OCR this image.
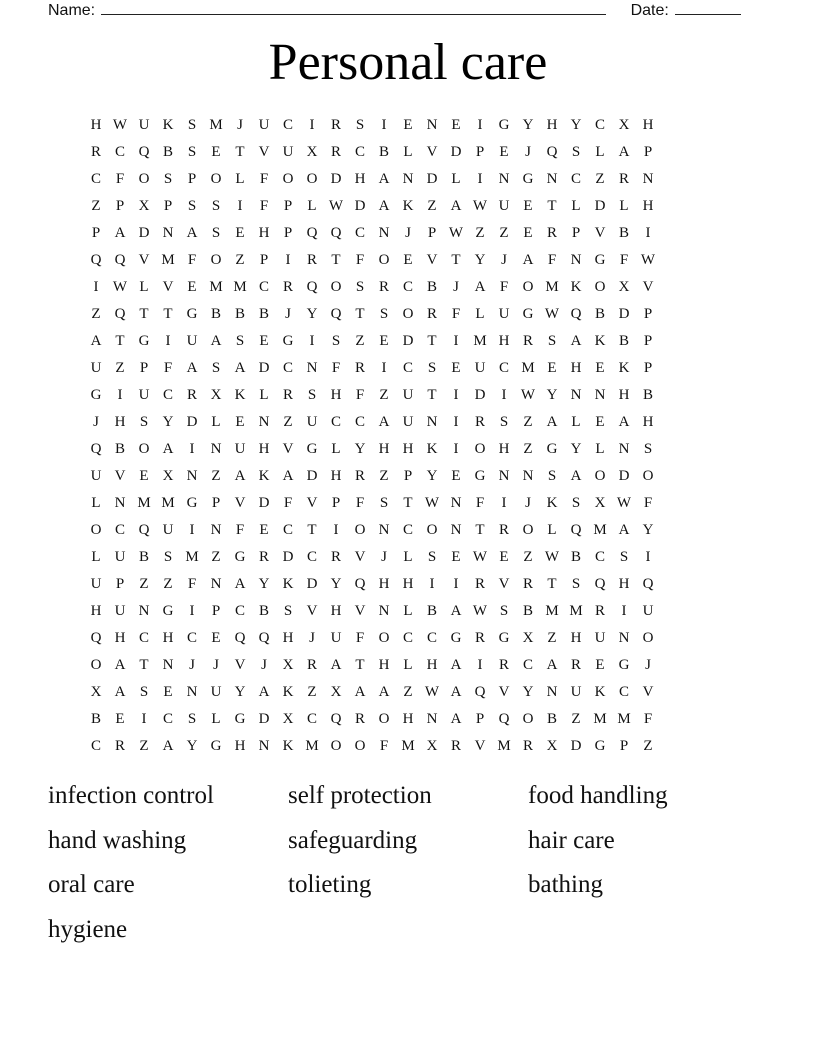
Name:	Date:
Personal care
H W U K S M J	U C	I	R S	I	E N E	I	G Y H Y C X H
R C Q B S	E T V U X R C B L V D P	E	J	Q S	L A P
C F O S	P O L	F O O D H A N D L	I	N G N C Z R N
Z	P X P	S	S	I	F	P	L W D A K Z A W U E T L D L H
P A D N A S	E H P Q Q C N	J	P W Z Z E R P V B	I
Q Q V M F O Z	P	I	R T	F O E V T Y	J	A F N G F W
I W L V E M M C R Q O S R C B	J	A F O M K O X V
Z Q T T G B B B	J	Y Q T	S O R F	L U G W Q B D P
A T G	I	U A S	E G	I	S	Z E D T	I M H R S A K B P
U Z	P	F A S A D C N F R	I	C S	E U C M E H E K P
G	I	U C R X K L R S H F	Z U T	I	D	I W Y N N H B
J	H S Y D L E N Z U C C A U N	I	R S	Z A L E A H
Q B O A	I	N U H V G L Y H H K	I	O H Z G Y L N S
U V E X N Z A K A D H R Z	P Y E G N N S A O D O
L N M M G P V D F V P	F	S	T W N F	I	J	K S X W F
O C Q U	I	N F	E C T	I	O N C O N T R O L Q M A Y
L U B S M Z G R D C R V	J	L	S	E W E Z W B C S	I
U P	Z Z	F N A Y K D Y Q H H	I	I	R V R T	S Q H Q
H U N G	I	P C B S V H V N L B A W S B M M R	I	U
Q H C H C E Q Q H	J	U F O C C G R G X Z H U N O
O A T N	J	J	V	J	X R A T H L H A	I	R C A R E G	J
X A S	E N U Y A K Z X A A Z W A Q V Y N U K C V
B E	I	C S	L G D X C Q R O H N A P Q O B Z M M F
C R Z A Y G H N K M O O F M X R V M R X D G P	Z
infection control	self protection	food handling
hand washing	safeguarding	hair care
oral care	tolieting	bathing
hygiene
